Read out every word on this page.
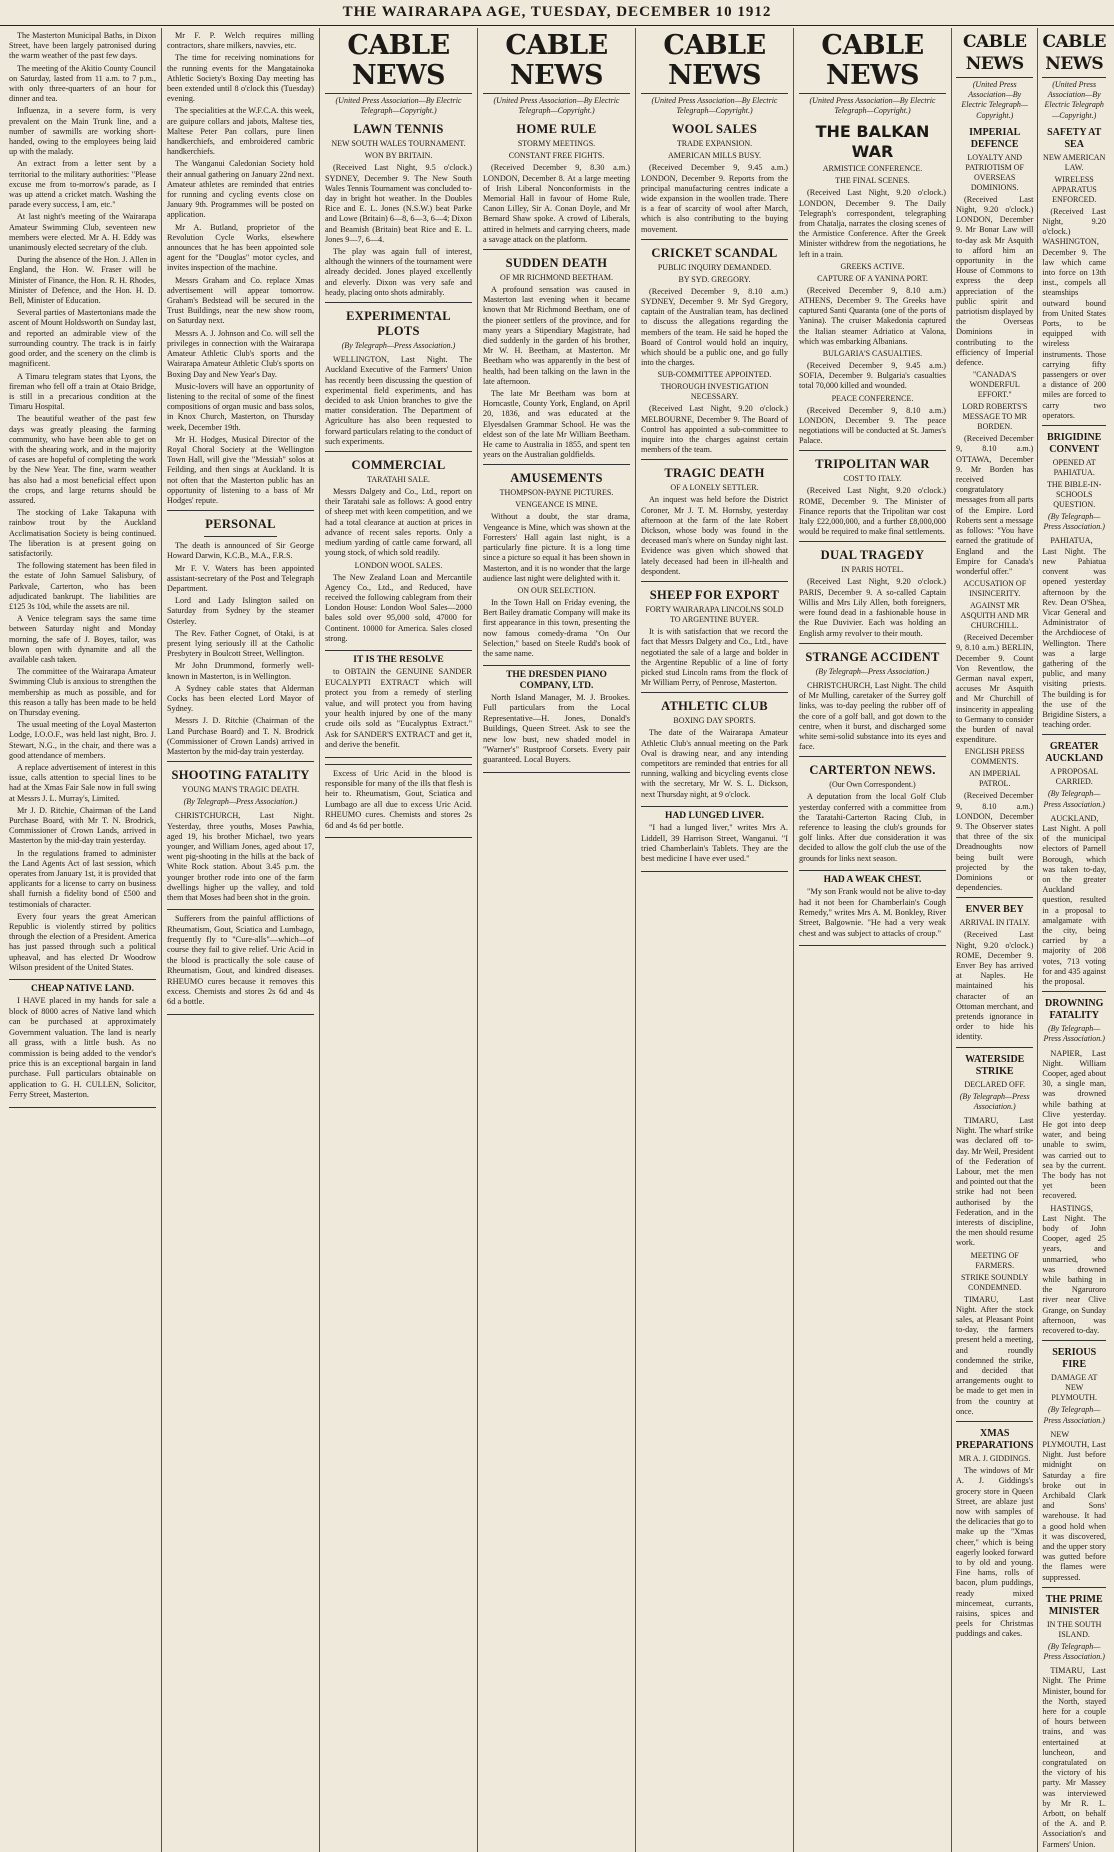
THE WAIRARAPA AGE, TUESDAY, DECEMBER 10 1912

The Masterton Municipal Baths, in Dixon Street, have been largely patronised during the warm weather of the past few days.

The meeting of the Akitio County Council on Saturday, lasted from 11 a.m. to 7 p.m., with only three-quarters of an hour for dinner and tea.

Influenza, in a severe form, is very prevalent on the Main Trunk line, and a number of sawmills are working short-handed, owing to the employees being laid up with the malady.

An extract from a letter sent by a territorial to the military authorities: "Please excuse me from to-morrow's parade, as I was up attend a cricket match. Washing the parade every success, I am, etc."

At last night's meeting of the Wairarapa Amateur Swimming Club, seventeen new members were elected. Mr A. H. Eddy was unanimously elected secretary of the club.

During the absence of the Hon. J. Allen in England, the Hon. W. Fraser will be Minister of Finance, the Hon. R. H. Rhodes, Minister of Defence, and the Hon. H. D. Bell, Minister of Education.

Several parties of Mastertonians made the ascent of Mount Holdsworth on Sunday last, and reported an admirable view of the surrounding country. The track is in fairly good order, and the scenery on the climb is magnificent.

A Timaru telegram states that Lyons, the fireman who fell off a train at Otaio Bridge, is still in a precarious condition at the Timaru Hospital.

The beautiful weather of the past few days was greatly pleasing the farming community, who have been able to get on with the shearing work, and in the majority of cases are hopeful of completing the work by the New Year. The fine, warm weather has also had a most beneficial effect upon the crops, and large returns should be assured.

The stocking of Lake Takapuna with rainbow trout by the Auckland Acclimatisation Society is being continued. The liberation is at present going on satisfactorily.

The following statement has been filed in the estate of John Samuel Salisbury, of Parkvale, Carterton, who has been adjudicated bankrupt. The liabilities are £125 3s 10d, while the assets are nil.

A Venice telegram says the same time between Saturday night and Monday morning, the safe of J. Boyes, tailor, was blown open with dynamite and all the available cash taken.

The committee of the Wairarapa Amateur Swimming Club is anxious to strengthen the membership as much as possible, and for this reason a tally has been made to be held on Thursday evening.

The usual meeting of the Loyal Masterton Lodge, I.O.O.F., was held last night, Bro. J. Stewart, N.G., in the chair, and there was a good attendance of members.

A replace advertisement of interest in this issue, calls attention to special lines to be had at the Xmas Fair Sale now in full swing at Messrs J. L. Murray's, Limited.

Mr J. D. Ritchie, Chairman of the Land Purchase Board, with Mr T. N. Brodrick, Commissioner of Crown Lands, arrived in Masterton by the mid-day train yesterday.

In the regulations framed to administer the Land Agents Act of last session, which operates from January 1st, it is provided that applicants for a license to carry on business shall furnish a fidelity bond of £500 and testimonials of character.

Every four years the great American Republic is violently stirred by politics through the election of a President. America has just passed through such a political upheaval, and has elected Dr Woodrow Wilson president of the United States.

CHEAP NATIVE LAND.

I HAVE placed in my hands for sale a block of 8000 acres of Native land which can be purchased at approximately Government valuation. The land is nearly all grass, with a little bush. As no commission is being added to the vendor's price this is an exceptional bargain in land purchase. Full particulars obtainable on application to G. H. CULLEN, Solicitor, Ferry Street, Masterton.

Mr F. P. Welch requires milling contractors, share milkers, navvies, etc.

The time for receiving nominations for the running events for the Mangatainoka Athletic Society's Boxing Day meeting has been extended until 8 o'clock this (Tuesday) evening.

The specialities at the W.F.C.A. this week, are guipure collars and jabots, Maltese ties, Maltese Peter Pan collars, pure linen handkerchiefs, and embroidered cambric handkerchiefs.

The Wanganui Caledonian Society hold their annual gathering on January 22nd next. Amateur athletes are reminded that entries for running and cycling events close on January 9th. Programmes will be posted on application.

Mr A. Butland, proprietor of the Revolution Cycle Works, elsewhere announces that he has been appointed sole agent for the "Douglas" motor cycles, and invites inspection of the machine.

Messrs Graham and Co. replace Xmas advertisement will appear tomorrow. Graham's Bedstead will be secured in the Trust Buildings, near the new show room, on Saturday next.

Messrs A. J. Johnson and Co. will sell the privileges in connection with the Wairarapa Amateur Athletic Club's sports and the Wairarapa Amateur Athletic Club's sports on Boxing Day and New Year's Day.

Music-lovers will have an opportunity of listening to the recital of some of the finest compositions of organ music and bass solos, in Knox Church, Masterton, on Thursday week, December 19th.

Mr H. Hodges, Musical Director of the Royal Choral Society at the Wellington Town Hall, will give the "Messiah" solos at Feilding, and then sings at Auckland. It is not often that the Masterton public has an opportunity of listening to a bass of Mr Hodges' repute.

PERSONAL

The death is announced of Sir George Howard Darwin, K.C.B., M.A., F.R.S.

Mr F. V. Waters has been appointed assistant-secretary of the Post and Telegraph Department.

Lord and Lady Islington sailed on Saturday from Sydney by the steamer Osterley.

The Rev. Father Cognet, of Otaki, is at present lying seriously ill at the Catholic Presbytery in Boulcott Street, Wellington.

Mr John Drummond, formerly well-known in Masterton, is in Wellington.

A Sydney cable states that Alderman Cocks has been elected Lord Mayor of Sydney.

Messrs J. D. Ritchie (Chairman of the Land Purchase Board) and T. N. Brodrick (Commissioner of Crown Lands) arrived in Masterton by the mid-day train yesterday.

SHOOTING FATALITY
YOUNG MAN'S TRAGIC DEATH.
(By Telegraph—Press Association.)

CHRISTCHURCH, Last Night. Yesterday, three youths, Moses Pawhia, aged 19, his brother Michael, two years younger, and William Jones, aged about 17, went pig-shooting in the hills at the back of White Rock station. About 3.45 p.m. the younger brother rode into one of the farm dwellings higher up the valley, and told them that Moses had been shot in the groin.

Sufferers from the painful afflictions of Rheumatism, Gout, Sciatica and Lumbago, frequently fly to "Cure-alls"—which—of course they fail to give relief. Uric Acid in the blood is practically the sole cause of Rheumatism, Gout, and kindred diseases. RHEUMO cures because it removes this excess. Chemists and stores 2s 6d and 4s 6d a bottle.

CABLE NEWS
(United Press Association—By Electric Telegraph—Copyright.)
LAWN TENNIS
NEW SOUTH WALES TOURNAMENT.
WON BY BRITAIN.

(Received Last Night, 9.5 o'clock.) SYDNEY, December 9. The New South Wales Tennis Tournament was concluded to-day in bright hot weather. In the Doubles Rice and E. L. Jones (N.S.W.) beat Parke and Lowe (Britain) 6—8, 6—3, 6—4; Dixon and Beamish (Britain) beat Rice and E. L. Jones 9—7, 6—4.

The play was again full of interest, although the winners of the tournament were already decided. Jones played excellently and eleverly. Dixon was very safe and heady, placing onto shots admirably.

EXPERIMENTAL PLOTS
(By Telegraph—Press Association.)

WELLINGTON, Last Night. The Auckland Executive of the Farmers' Union has recently been discussing the question of experimental field experiments, and has decided to ask Union branches to give the matter consideration. The Department of Agriculture has also been requested to forward particulars relating to the conduct of such experiments.

COMMERCIAL
TARATAHI SALE.

Messrs Dalgety and Co., Ltd., report on their Taratahi sale as follows: A good entry of sheep met with keen competition, and we had a total clearance at auction at prices in advance of recent sales reports. Only a medium yarding of cattle came forward, all young stock, of which sold readily.

LONDON WOOL SALES.

The New Zealand Loan and Mercantile Agency Co., Ltd., and Reduced, have received the following cablegram from their London House: London Wool Sales—2000 bales sold over 95,000 sold, 47000 for Continent. 10000 for America. Sales closed strong.

IT IS THE RESOLVE

to OBTAIN the GENUINE SANDER EUCALYPTI EXTRACT which will protect you from a remedy of sterling value, and will protect you from having your health injured by one of the many crude oils sold as "Eucalyptus Extract." Ask for SANDER'S EXTRACT and get it, and derive the benefit.

Excess of Uric Acid in the blood is responsible for many of the ills that flesh is heir to. Rheumatism, Gout, Sciatica and Lumbago are all due to excess Uric Acid. RHEUMO cures. Chemists and stores 2s 6d and 4s 6d per bottle.

CABLE NEWS
(United Press Association—By Electric Telegraph—Copyright.)
HOME RULE
STORMY MEETINGS.
CONSTANT FREE FIGHTS.

(Received December 9, 8.30 a.m.) LONDON, December 8. At a large meeting of Irish Liberal Nonconformists in the Memorial Hall in favour of Home Rule, Canon Lilley, Sir A. Conan Doyle, and Mr Bernard Shaw spoke. A crowd of Liberals, attired in helmets and carrying cheers, made a savage attack on the platform.

SUDDEN DEATH
OF MR RICHMOND BEETHAM.

A profound sensation was caused in Masterton last evening when it became known that Mr Richmond Beetham, one of the pioneer settlers of the province, and for many years a Stipendiary Magistrate, had died suddenly in the garden of his brother, Mr W. H. Beetham, at Masterton. Mr Beetham who was apparently in the best of health, had been talking on the lawn in the late afternoon.

The late Mr Beetham was born at Horncastle, County York, England, on April 20, 1836, and was educated at the Elyesdalsen Grammar School. He was the eldest son of the late Mr William Beetham. He came to Australia in 1855, and spent ten years on the Australian goldfields.

AMUSEMENTS
THOMPSON-PAYNE PICTURES.
VENGEANCE IS MINE.

Without a doubt, the star drama, Vengeance is Mine, which was shown at the Forresters' Hall again last night, is a particularly fine picture. It is a long time since a picture so equal it has been shown in Masterton, and it is no wonder that the large audience last night were delighted with it.

ON OUR SELECTION.

In the Town Hall on Friday evening, the Bert Bailey dramatic Company will make its first appearance in this town, presenting the now famous comedy-drama "On Our Selection," based on Steele Rudd's book of the same name.

THE DRESDEN PIANO COMPANY, LTD.

North Island Manager, M. J. Brookes. Full particulars from the Local Representative—H. Jones, Donald's Buildings, Queen Street. Ask to see the new low bust, new shaded model in "Warner's" Rustproof Corsets. Every pair guaranteed. Local Buyers.

CABLE NEWS
(United Press Association—By Electric Telegraph—Copyright.)
WOOL SALES
TRADE EXPANSION.
AMERICAN MILLS BUSY.

(Received December 9, 9.45 a.m.) LONDON, December 9. Reports from the principal manufacturing centres indicate a wide expansion in the woollen trade. There is a fear of scarcity of wool after March, which is also contributing to the buying movement.

CRICKET SCANDAL
PUBLIC INQUIRY DEMANDED.
BY SYD. GREGORY.

(Received December 9, 8.10 a.m.) SYDNEY, December 9. Mr Syd Gregory, captain of the Australian team, has declined to discuss the allegations regarding the members of the team. He said he hoped the Board of Control would hold an inquiry, which should be a public one, and go fully into the charges.

SUB-COMMITTEE APPOINTED.
THOROUGH INVESTIGATION NECESSARY.

(Received Last Night, 9.20 o'clock.) MELBOURNE, December 9. The Board of Control has appointed a sub-committee to inquire into the charges against certain members of the team.

TRAGIC DEATH
OF A LONELY SETTLER.

An inquest was held before the District Coroner, Mr J. T. M. Hornsby, yesterday afternoon at the farm of the late Robert Dickson, whose body was found in the deceased man's where on Sunday night last. Evidence was given which showed that lately deceased had been in ill-health and despondent.

SHEEP FOR EXPORT
FORTY WAIRARAPA LINCOLNS SOLD TO ARGENTINE BUYER.

It is with satisfaction that we record the fact that Messrs Dalgety and Co., Ltd., have negotiated the sale of a large and bolder in the Argentine Republic of a line of forty picked stud Lincoln rams from the flock of Mr William Perry, of Penrose, Masterton.

ATHLETIC CLUB
BOXING DAY SPORTS.

The date of the Wairarapa Amateur Athletic Club's annual meeting on the Park Oval is drawing near, and any intending competitors are reminded that entries for all running, walking and bicycling events close with the secretary, Mr W. S. L. Dickson, next Thursday night, at 9 o'clock.

HAD LUNGED LIVER.

"I had a lunged liver," writes Mrs A. Liddell, 39 Harrison Street, Wanganui. "I tried Chamberlain's Tablets. They are the best medicine I have ever used."

CABLE NEWS
(United Press Association—By Electric Telegraph—Copyright.)
THE BALKAN WAR
ARMISTICE CONFERENCE.
THE FINAL SCENES.

(Received Last Night, 9.20 o'clock.) LONDON, December 9. The Daily Telegraph's correspondent, telegraphing from Chatalja, narrates the closing scenes of the Armistice Conference. After the Greek Minister withdrew from the negotiations, he left in a train.

GREEKS ACTIVE.
CAPTURE OF A YANINA PORT.

(Received December 9, 8.10 a.m.) ATHENS, December 9. The Greeks have captured Santi Quaranta (one of the ports of Yanina). The cruiser Makedonia captured the Italian steamer Adriatico at Valona, which was embarking Albanians.

BULGARIA'S CASUALTIES.

(Received December 9, 9.45 a.m.) SOFIA, December 9. Bulgaria's casualties total 70,000 killed and wounded.

PEACE CONFERENCE.

(Received December 9, 8.10 a.m.) LONDON, December 9. The peace negotiations will be conducted at St. James's Palace.

TRIPOLITAN WAR
COST TO ITALY.

(Received Last Night, 9.20 o'clock.) ROME, December 9. The Minister of Finance reports that the Tripolitan war cost Italy £22,000,000, and a further £8,000,000 would be required to make final settlements.

DUAL TRAGEDY
IN PARIS HOTEL.

(Received Last Night, 9.20 o'clock.) PARIS, December 9. A so-called Captain Willis and Mrs Lily Allen, both foreigners, were found dead in a fashionable house in the Rue Duvivier. Each was holding an English army revolver to their mouth.

STRANGE ACCIDENT
(By Telegraph—Press Association.)

CHRISTCHURCH, Last Night. The child of Mr Mulling, caretaker of the Surrey golf links, was to-day peeling the rubber off of the core of a golf ball, and got down to the centre, when it burst, and discharged some white semi-solid substance into its eyes and face.

CARTERTON NEWS.
(Our Own Correspondent.)

A deputation from the local Golf Club yesterday conferred with a committee from the Taratahi-Carterton Racing Club, in reference to leasing the club's grounds for golf links. After due consideration it was decided to allow the golf club the use of the grounds for links next season.

HAD A WEAK CHEST.

"My son Frank would not be alive to-day had it not been for Chamberlain's Cough Remedy," writes Mrs A. M. Bonkley, River Street, Balgownie. "He had a very weak chest and was subject to attacks of croup."

CABLE NEWS
(United Press Association—By Electric Telegraph—Copyright.)
IMPERIAL DEFENCE
LOYALTY AND PATRIOTISM OF OVERSEAS DOMINIONS.

(Received Last Night, 9.20 o'clock.) LONDON, December 9. Mr Bonar Law will to-day ask Mr Asquith to afford him an opportunity in the House of Commons to express the deep appreciation of the public spirit and patriotism displayed by the Overseas Dominions in contributing to the efficiency of Imperial defence.

"CANADA'S WONDERFUL EFFORT."
LORD ROBERTS'S MESSAGE TO MR BORDEN.

(Received December 9, 8.10 a.m.) OTTAWA, December 9. Mr Borden has received congratulatory messages from all parts of the Empire. Lord Roberts sent a message as follows: "You have earned the gratitude of England and the Empire for Canada's wonderful offer."

ACCUSATION OF INSINCERITY.
AGAINST MR ASQUITH AND MR CHURCHILL.

(Received December 9, 8.10 a.m.) BERLIN, December 9. Count Von Reventlow, the German naval expert, accuses Mr Asquith and Mr Churchill of insincerity in appealing to Germany to consider the burden of naval expenditure.

ENGLISH PRESS COMMENTS.
AN IMPERIAL PATROL.

(Received December 9, 8.10 a.m.) LONDON, December 9. The Observer states that three of the six Dreadnoughts now being built were projected by the Dominions or dependencies.

ENVER BEY
ARRIVAL IN ITALY.

(Received Last Night, 9.20 o'clock.) ROME, December 9. Enver Bey has arrived at Naples. He maintained his character of an Ottoman merchant, and pretends ignorance in order to hide his identity.

WATERSIDE STRIKE
DECLARED OFF.
(By Telegraph—Press Association.)

TIMARU, Last Night. The wharf strike was declared off to-day. Mr Weil, President of the Federation of Labour, met the men and pointed out that the strike had not been authorised by the Federation, and in the interests of discipline, the men should resume work.

MEETING OF FARMERS.
STRIKE SOUNDLY CONDEMNED.

TIMARU, Last Night. After the stock sales, at Pleasant Point to-day, the farmers present held a meeting, and roundly condemned the strike, and decided that arrangements ought to be made to get men in from the country at once.

XMAS PREPARATIONS
MR A. J. GIDDINGS.

The windows of Mr A. J. Giddings's grocery store in Queen Street, are ablaze just now with samples of the delicacies that go to make up the "Xmas cheer," which is being eagerly looked forward to by old and young. Fine hams, rolls of bacon, plum puddings, ready mixed mincemeat, currants, raisins, spices and peels for Christmas puddings and cakes.

CABLE NEWS
(United Press Association—By Electric Telegraph—Copyright.)
SAFETY AT SEA
NEW AMERICAN LAW.
WIRELESS APPARATUS ENFORCED.

(Received Last Night, 9.20 o'clock.) WASHINGTON, December 9. The law which came into force on 13th inst., compels all steamships outward bound from United States Ports, to be equipped with wireless instruments. Those carrying fifty passengers or over a distance of 200 miles are forced to carry two operators.

BRIGIDINE CONVENT
OPENED AT PAHIATUA.
THE BIBLE-IN-SCHOOLS QUESTION.
(By Telegraph—Press Association.)

PAHIATUA, Last Night. The new Pahiatua convent was opened yesterday afternoon by the Rev. Dean O'Shea, Vicar General and Administrator of the Archdiocese of Wellington. There was a large gathering of the public, and many visiting priests. The building is for the use of the Brigidine Sisters, a teaching order.

GREATER AUCKLAND
A PROPOSAL CARRIED.
(By Telegraph—Press Association.)

AUCKLAND, Last Night. A poll of the municipal electors of Parnell Borough, which was taken to-day, on the greater Auckland question, resulted in a proposal to amalgamate with the city, being carried by a majority of 208 votes, 713 voting for and 435 against the proposal.

DROWNING FATALITY
(By Telegraph—Press Association.)

NAPIER, Last Night. William Cooper, aged about 30, a single man, was drowned while bathing at Clive yesterday. He got into deep water, and being unable to swim, was carried out to sea by the current. The body has not yet been recovered.

HASTINGS, Last Night. The body of John Cooper, aged 25 years, and unmarried, who was drowned while bathing in the Ngaruroro river near Clive Grange, on Sunday afternoon, was recovered to-day.

SERIOUS FIRE
DAMAGE AT NEW PLYMOUTH.
(By Telegraph—Press Association.)

NEW PLYMOUTH, Last Night. Just before midnight on Saturday a fire broke out in Archibald Clark and Sons' warehouse. It had a good hold when it was discovered, and the upper story was gutted before the flames were suppressed.

THE PRIME MINISTER
IN THE SOUTH ISLAND.
(By Telegraph—Press Association.)

TIMARU, Last Night. The Prime Minister, bound for the North, stayed here for a couple of hours between trains, and was entertained at luncheon, and congratulated on the victory of his party. Mr Massey was interviewed by Mr R. L. Arbott, on behalf of the A. and P. Association's and Farmers' Union.
